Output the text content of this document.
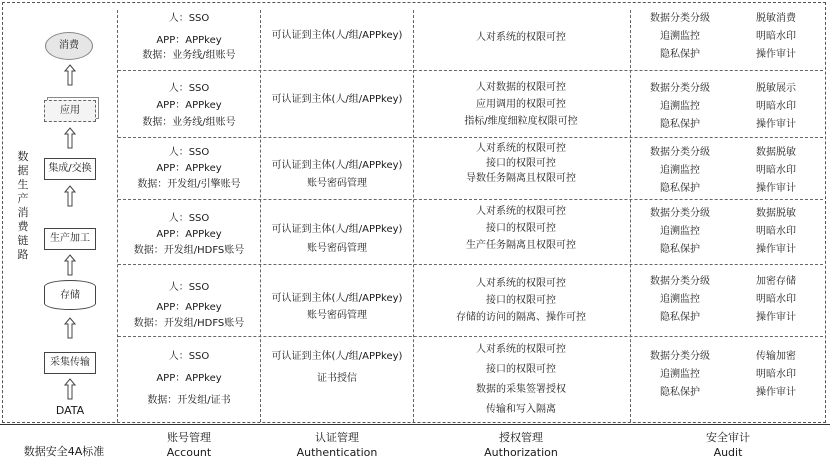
数据生产消费链路
消费
应用
集成/交换
生产加工
存储
采集传输
DATA
人：SSO
APP：APPkey
数据：业务线/组账号
可认证到主体(人/组/APPkey)	人对系统的权限可控
数据分类分级
追溯监控
隐私保护
脱敏消费
明暗水印
操作审计
人：SSO
APP：APPkey
数据：业务线/组账号
可认证到主体(人/组/APPkey)
人对数据的权限可控
应用调用的权限可控
指标/维度细粒度权限可控
数据分类分级
追溯监控
隐私保护
脱敏展示
明暗水印
操作审计
人：SSO
APP：APPkey
数据：开发组/引擎账号
可认证到主体(人/组/APPkey)
账号密码管理
人对系统的权限可控
接口的权限可控
导数任务隔离且权限可控
数据分类分级
追溯监控
隐私保护
数据脱敏
明暗水印
操作审计
人：SSO
APP：APPkey
数据：开发组/HDFS账号
可认证到主体(人/组/APPkey)
账号密码管理
人对系统的权限可控
接口的权限可控
生产任务隔离且权限可控
数据分类分级
追溯监控
隐私保护
数据脱敏
明暗水印
操作审计
人：SSO
APP：APPkey
数据：开发组/HDFS账号
可认证到主体(人/组/APPkey)
账号密码管理
人对系统的权限可控
接口的权限可控
存储的访问的隔离、操作可控
数据分类分级
追溯监控
隐私保护
加密存储
明暗水印
操作审计
人：SSO
APP：APPkey
数据：开发组/证书
可认证到主体(人/组/APPkey)
证书授信
人对系统的权限可控
接口的权限可控
数据的采集签署授权
传输和写入隔离
数据分类分级
追溯监控
隐私保护
传输加密
明暗水印
操作审计
数据安全4A标准
账号管理
Account
认证管理
Authentication
授权管理
Authorization
安全审计
Audit
